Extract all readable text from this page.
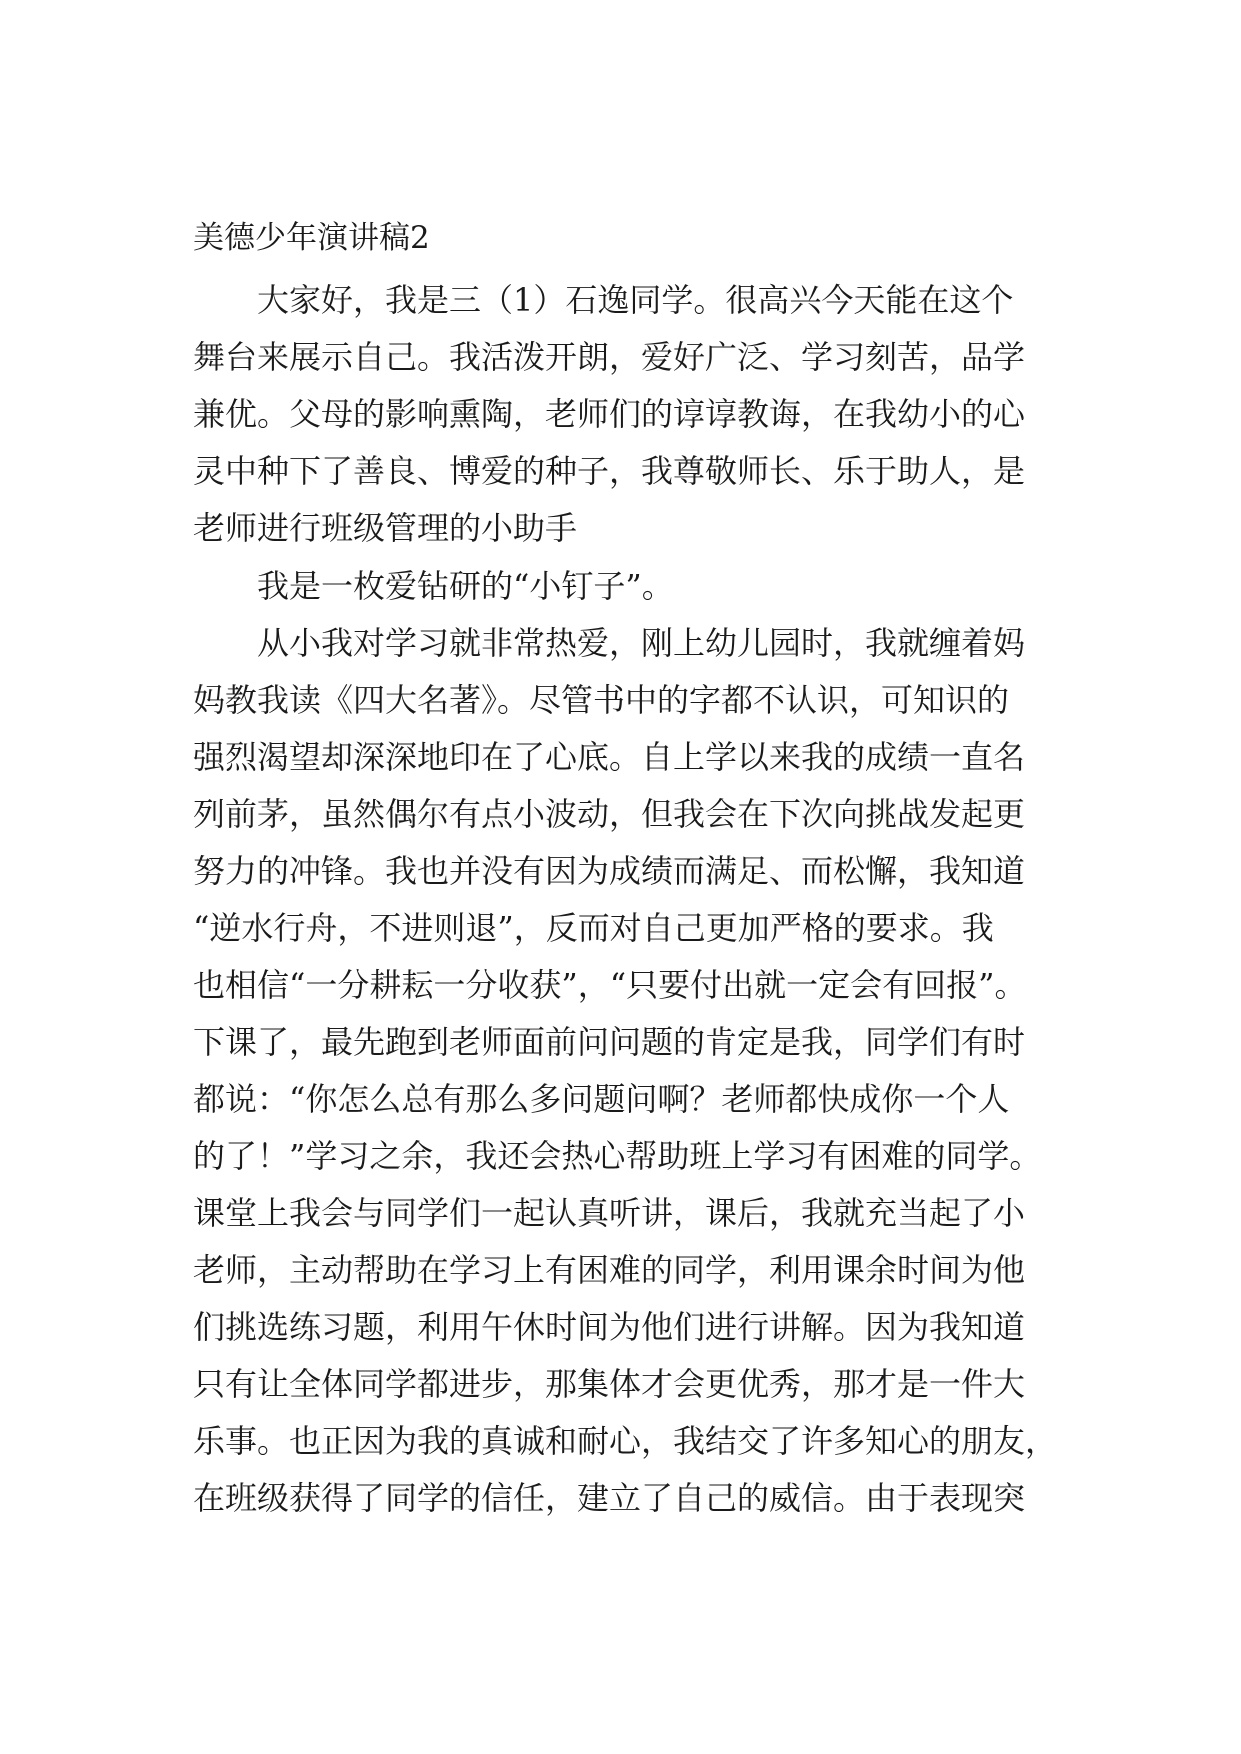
美德少年演讲稿2
大家好，我是三（1）石逸同学。很高兴今天能在这个
舞台来展示自己。我活泼开朗，爱好广泛、学习刻苦，品学
兼优。父母的影响熏陶，老师们的谆谆教诲，在我幼小的心
灵中种下了善良、博爱的种子，我尊敬师长、乐于助人，是
老师进行班级管理的小助手
我是一枚爱钻研的“小钉子”。
从小我对学习就非常热爱，刚上幼儿园时，我就缠着妈
妈教我读《四大名著》。尽管书中的字都不认识，可知识的
强烈渴望却深深地印在了心底。自上学以来我的成绩一直名
列前茅，虽然偶尔有点小波动，但我会在下次向挑战发起更
努力的冲锋。我也并没有因为成绩而满足、而松懈，我知道
“逆水行舟，不进则退”，反而对自己更加严格的要求。我
也相信“一分耕耘一分收获”，“只要付出就一定会有回报”。
下课了，最先跑到老师面前问问题的肯定是我，同学们有时
都说：“你怎么总有那么多问题问啊？老师都快成你一个人
的了！”学习之余，我还会热心帮助班上学习有困难的同学。
课堂上我会与同学们一起认真听讲，课后，我就充当起了小
老师，主动帮助在学习上有困难的同学，利用课余时间为他
们挑选练习题，利用午休时间为他们进行讲解。因为我知道
只有让全体同学都进步，那集体才会更优秀，那才是一件大
乐事。也正因为我的真诚和耐心，我结交了许多知心的朋友，
在班级获得了同学的信任，建立了自己的威信。由于表现突
